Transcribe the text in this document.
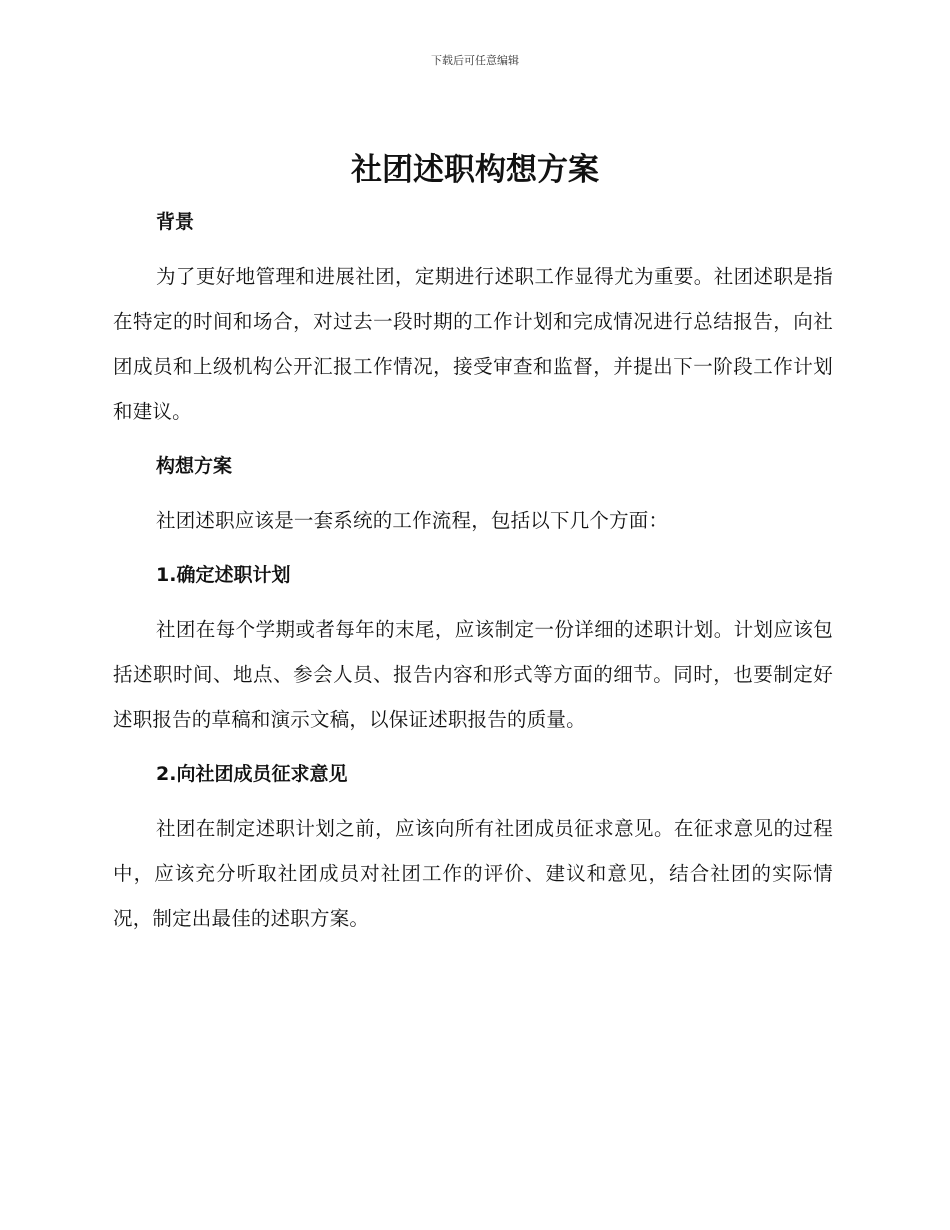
下载后可任意编辑
社团述职构想方案
背景

为了更好地管理和进展社团，定期进行述职工作显得尤为重要。社团述职是指在特定的时间和场合，对过去一段时期的工作计划和完成情况进行总结报告，向社团成员和上级机构公开汇报工作情况，接受审查和监督，并提出下一阶段工作计划和建议。

构想方案

社团述职应该是一套系统的工作流程，包括以下几个方面：

1.确定述职计划

社团在每个学期或者每年的末尾，应该制定一份详细的述职计划。计划应该包括述职时间、地点、参会人员、报告内容和形式等方面的细节。同时，也要制定好述职报告的草稿和演示文稿，以保证述职报告的质量。

2.向社团成员征求意见

社团在制定述职计划之前，应该向所有社团成员征求意见。在征求意见的过程中，应该充分听取社团成员对社团工作的评价、建议和意见，结合社团的实际情况，制定出最佳的述职方案。
